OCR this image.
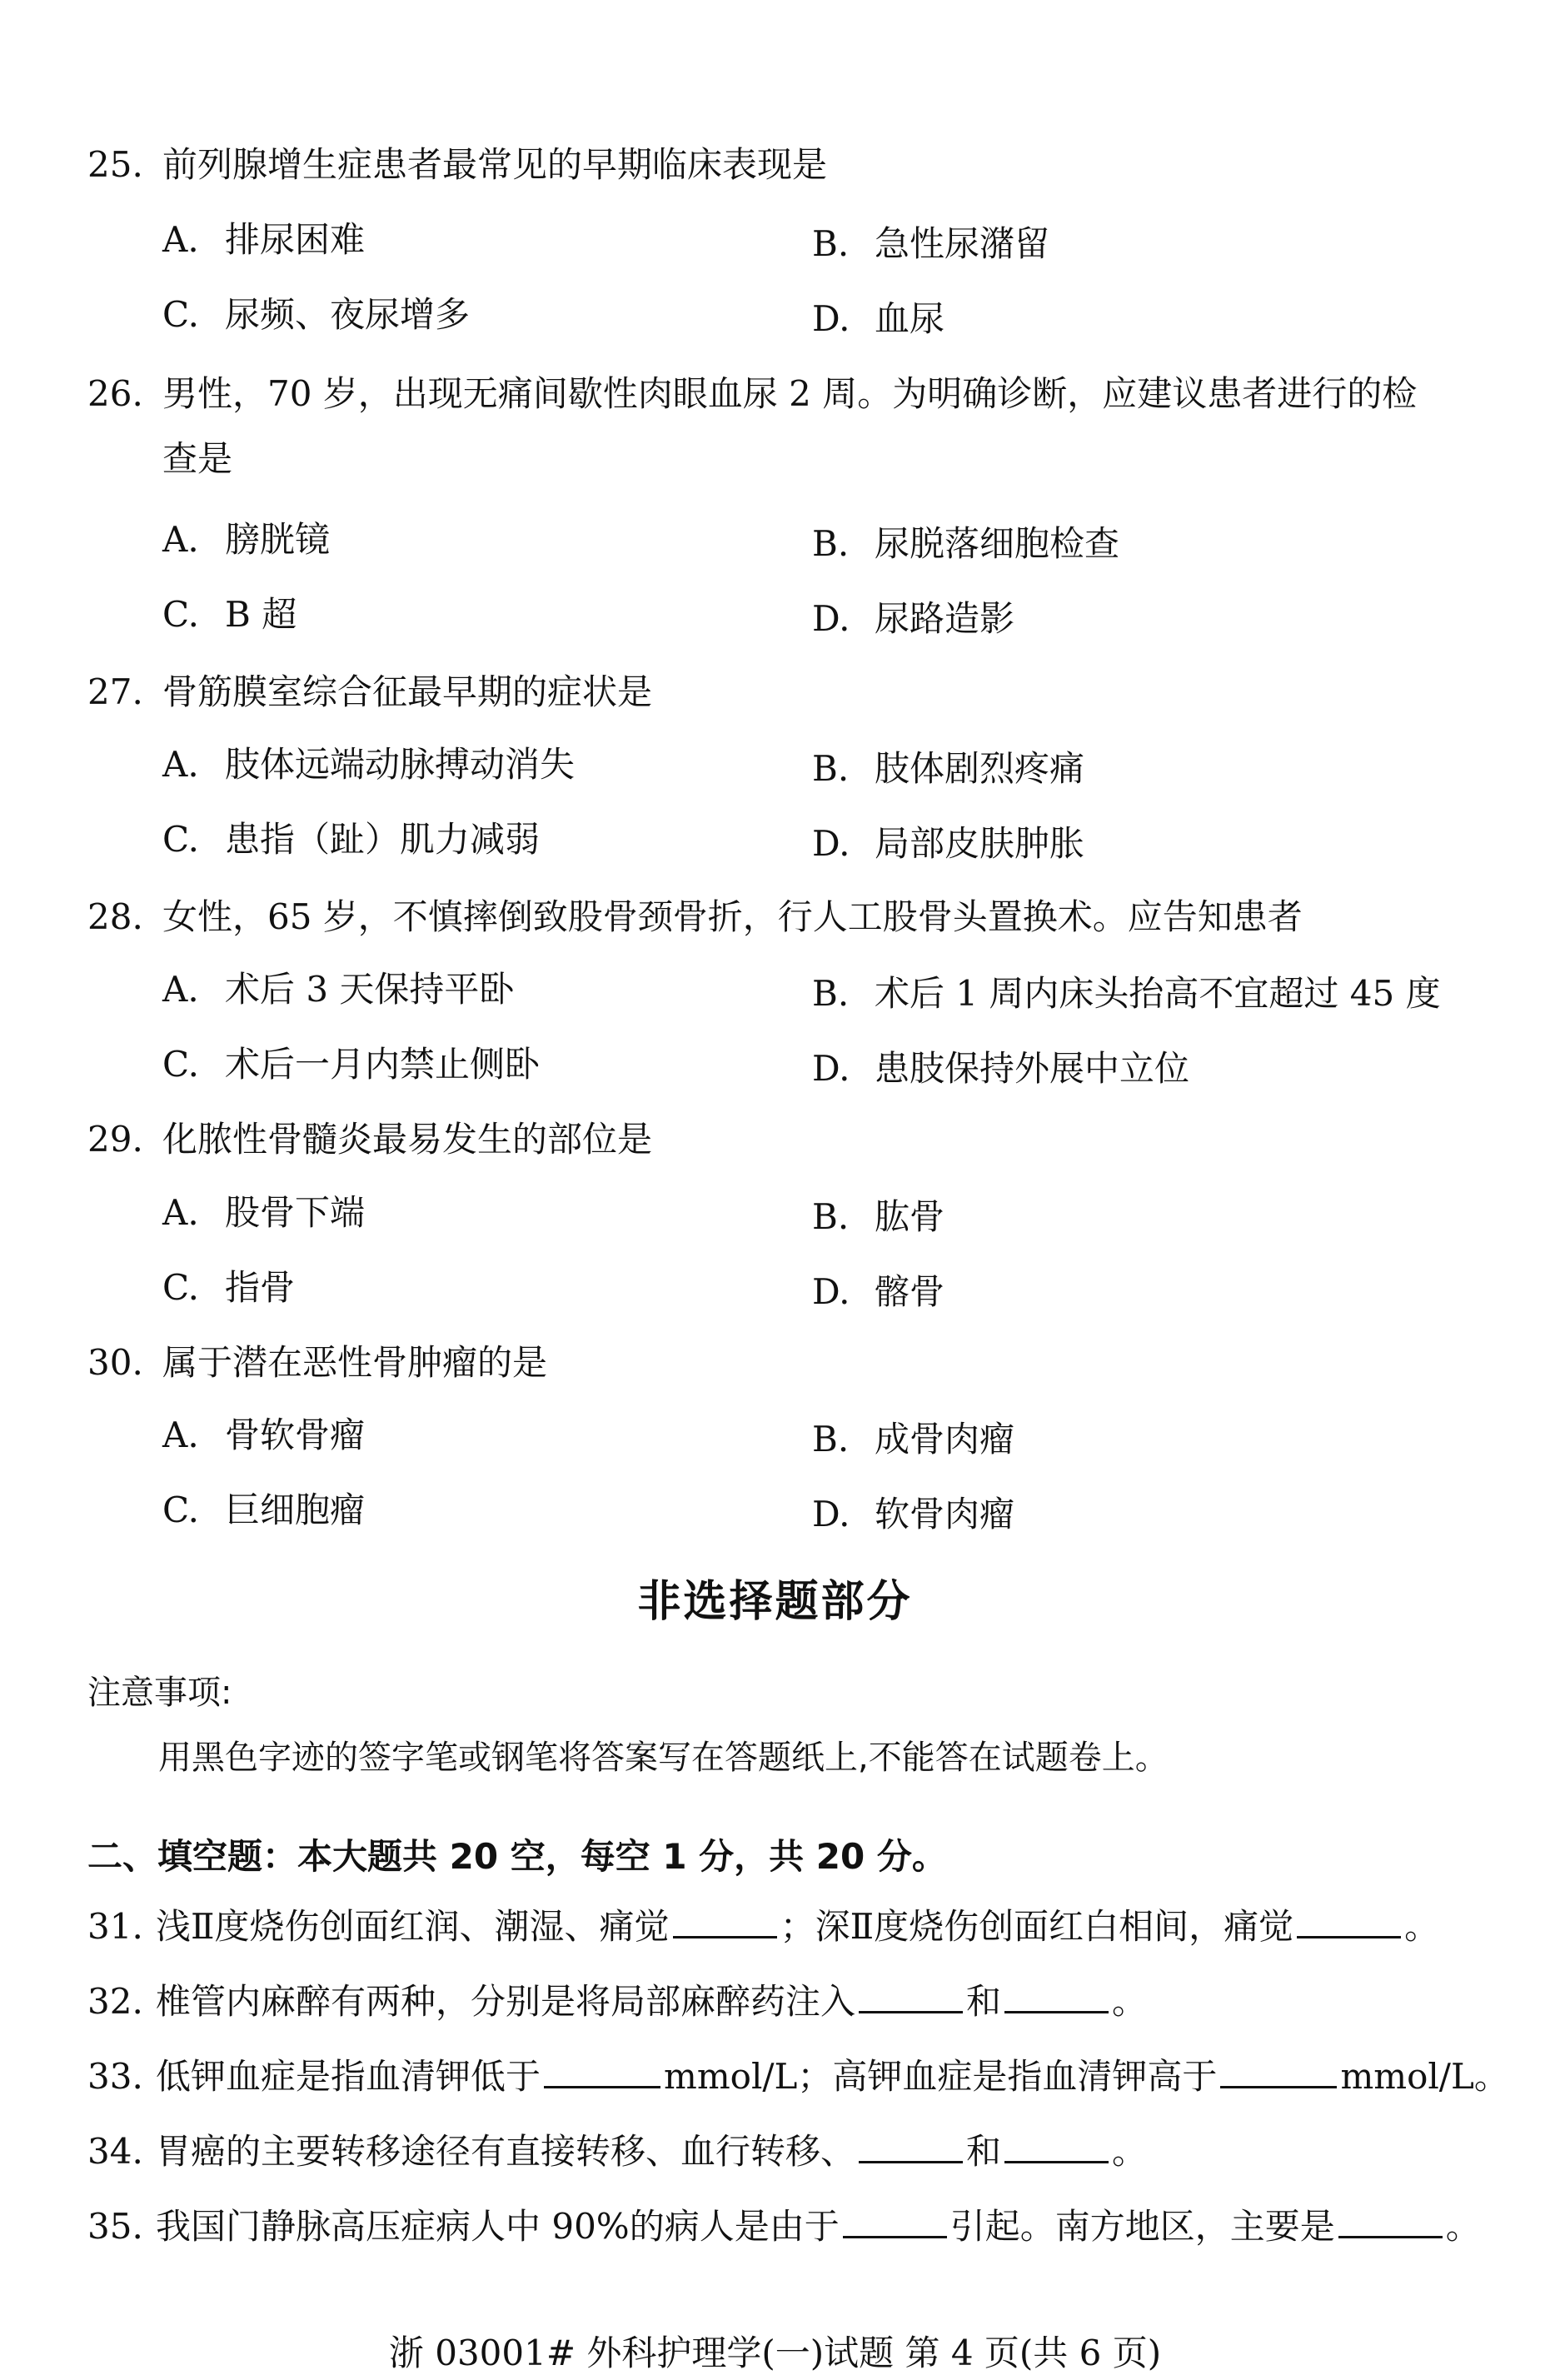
25. 前列腺增生症患者最常见的早期临床表现是
A. 排尿困难	B. 急性尿潴留
C. 尿频、夜尿增多	D. 血尿
26. 男性，70 岁，出现无痛间歇性肉眼血尿 2 周。为明确诊断，应建议患者进行的检
查是
A. 膀胱镜	B. 尿脱落细胞检查
C. B 超	D. 尿路造影
27. 骨筋膜室综合征最早期的症状是
A. 肢体远端动脉搏动消失	B. 肢体剧烈疼痛
C. 患指（趾）肌力减弱	D. 局部皮肤肿胀
28. 女性，65 岁，不慎摔倒致股骨颈骨折，行人工股骨头置换术。应告知患者
A. 术后 3 天保持平卧	B. 术后 1 周内床头抬高不宜超过 45 度
C. 术后一月内禁止侧卧	D. 患肢保持外展中立位
29. 化脓性骨髓炎最易发生的部位是
A. 股骨下端	B. 肱骨
C. 指骨	D. 髂骨
30. 属于潜在恶性骨肿瘤的是
A. 骨软骨瘤	B. 成骨肉瘤
C. 巨细胞瘤	D. 软骨肉瘤
非选择题部分
注意事项:
用黑色字迹的签字笔或钢笔将答案写在答题纸上,不能答在试题卷上。
二、填空题：本大题共 20 空，每空 1 分，共 20 分。
31. 浅Ⅱ度烧伤创面红润、潮湿、痛觉	；深Ⅱ度烧伤创面红白相间，痛觉	。
32. 椎管内麻醉有两种，分别是将局部麻醉药注入	和	。
33. 低钾血症是指血清钾低于	mmol/L；高钾血症是指血清钾高于	mmol/L。
34. 胃癌的主要转移途径有直接转移、血行转移、	和	。
35. 我国门静脉高压症病人中 90%的病人是由于	引起。南方地区，主要是	。
浙 03001# 外科护理学(一)试题 第 4 页(共 6 页)
